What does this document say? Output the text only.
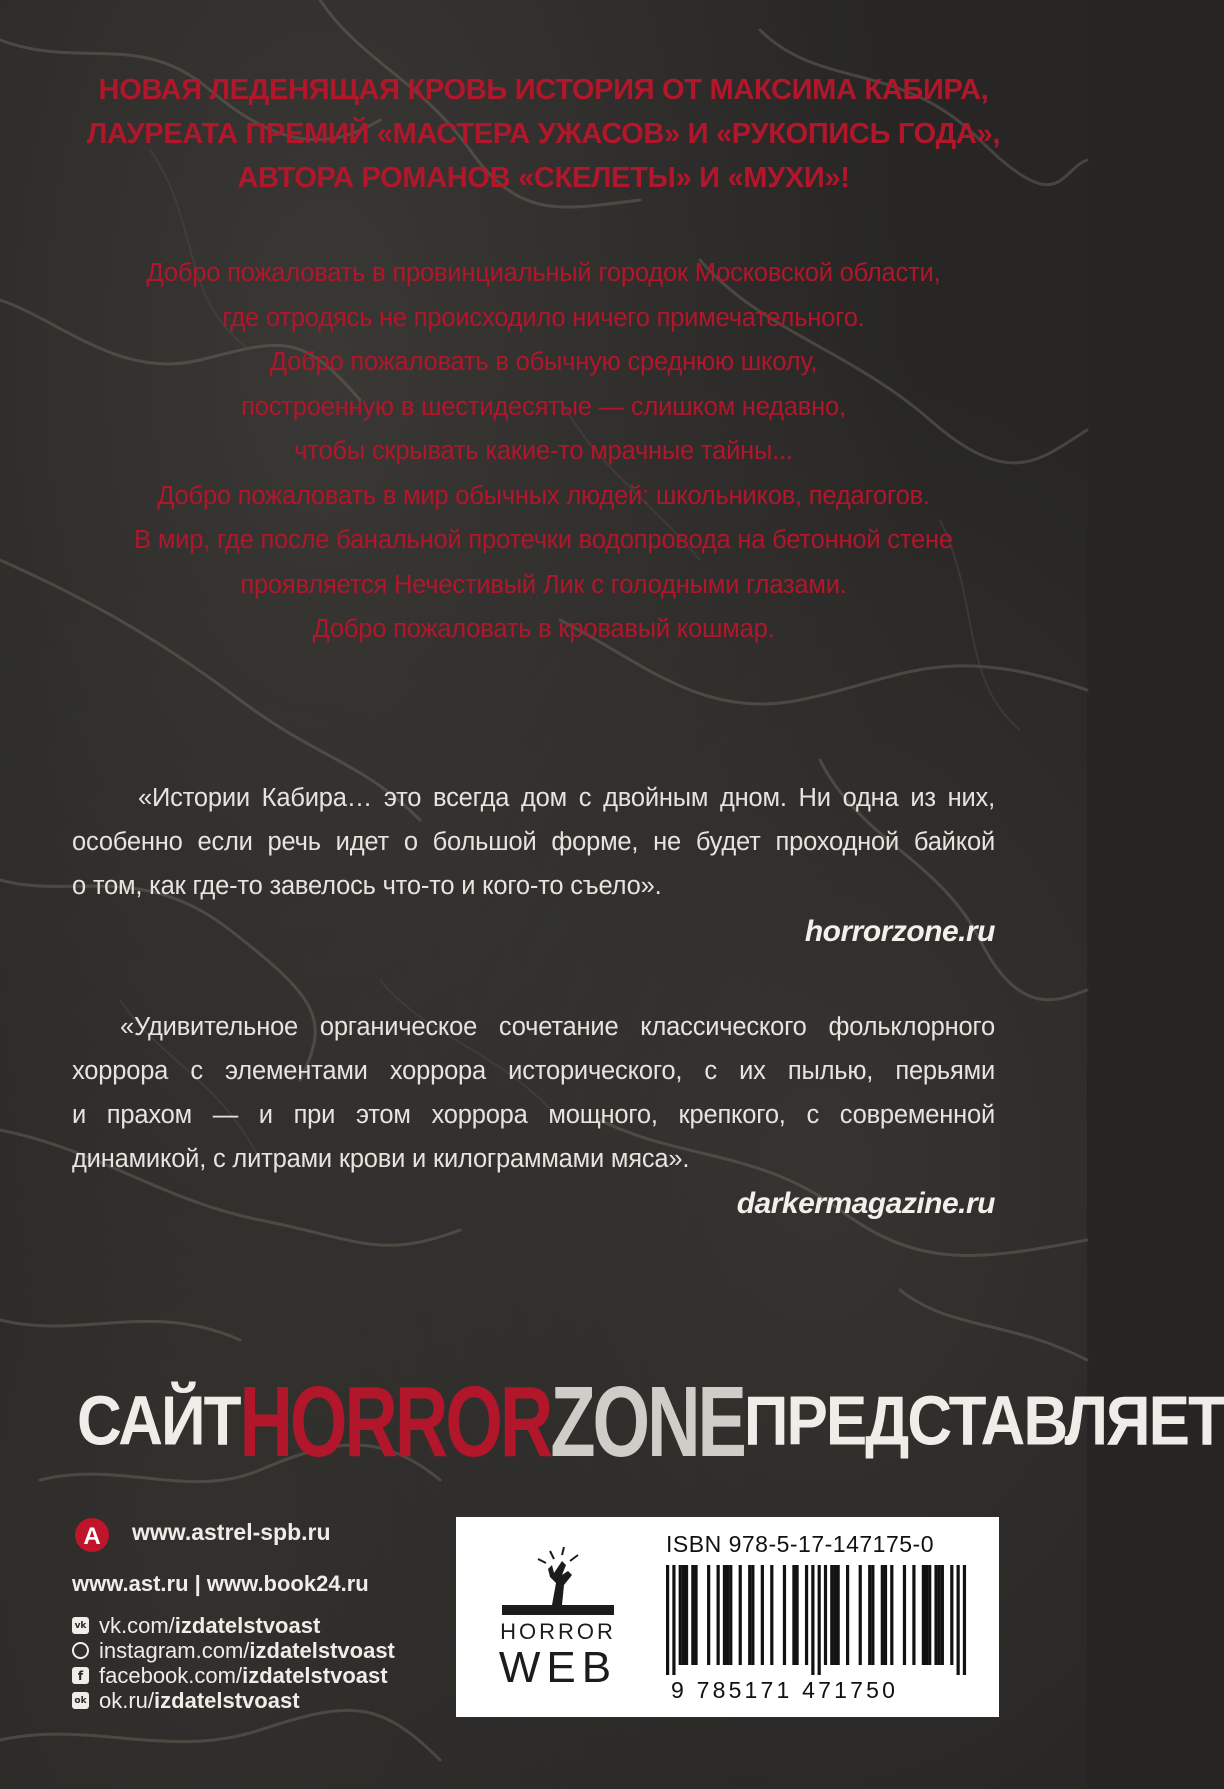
НОВАЯ ЛЕДЕНЯЩАЯ КРОВЬ ИСТОРИЯ ОТ МАКСИМА КАБИРА,
ЛАУРЕАТА ПРЕМИЙ «МАСТЕРА УЖАСОВ» И «РУКОПИСЬ ГОДА»,
АВТОРА РОМАНОВ «СКЕЛЕТЫ» И «МУХИ»!
Добро пожаловать в провинциальный городок Московской области,
где отродясь не происходило ничего примечательного.
Добро пожаловать в обычную среднюю школу,
построенную в шестидесятые — слишком недавно,
чтобы скрывать какие-то мрачные тайны...
Добро пожаловать в мир обычных людей: школьников, педагогов.
В мир, где после банальной протечки водопровода на бетонной стене
проявляется Нечестивый Лик с голодными глазами.
Добро пожаловать в кровавый кошмар.
«Истории Кабира… это всегда дом с двойным дном. Ни одна из них,
особенно если речь идет о большой форме, не будет проходной байкой
о том, как где-то завелось что-то и кого-то съело».
horrorzone.ru
«Удивительное органическое сочетание классического фольклорного
хоррора с элементами хоррора исторического, с их пылью, перьями
и прахом — и при этом хоррора мощного, крепкого, с современной
динамикой, с литрами крови и килограммами мяса».
darkermagazine.ru
САЙТ HORROR ZONE ПРЕДСТАВЛЯЕТ
А www.astrel-spb.ru
www.ast.ru | www.book24.ru
vk vk.com/ izdatelstvoast
instagram.com/ izdatelstvoast
f facebook.com/ izdatelstvoast
ok ok.ru/ izdatelstvoast
HORROR
WEB
ISBN 978-5-17-147175-0
9 785171 471750
